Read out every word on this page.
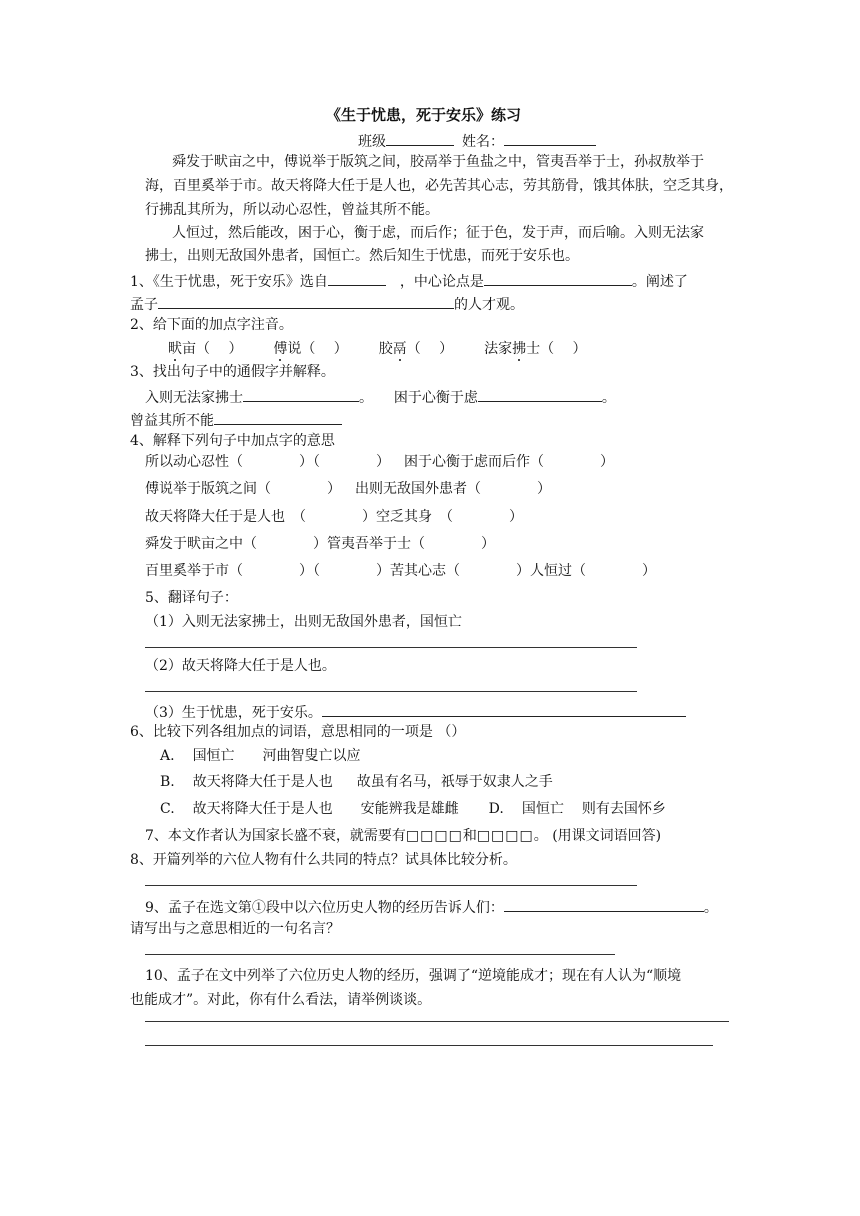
《生于忧患，死于安乐》练习
班级	姓名：
舜发于畎亩之中，傅说举于版筑之间，胶鬲举于鱼盐之中，管夷吾举于士，孙叔敖举于
海，百里奚举于市。故天将降大任于是人也，必先苦其心志，劳其筋骨，饿其体肤，空乏其身，
行拂乱其所为，所以动心忍性，曾益其所不能。
人恒过，然后能改，困于心，衡于虑，而后作；征于色，发于声，而后喻。入则无法家
拂士，出则无敌国外患者，国恒亡。然后知生于忧患，而死于安乐也。
1、《生于忧患，死于安乐》选自	，中心论点是	。阐述了
孟子	的人才观。
2、给下面的加点字注音。
畎亩（　 ） 傅说（　 ） 胶鬲（　 ） 法家拂士（　 ）
3、找出句子中的通假字并解释。
入则无法家拂士	。 困于心衡于虑	。
曾益其所不能
4、解释下列句子中加点字的意思
所以动心忍性（　　　　）（　　　　） 困于心衡于虑而后作（　　　　）
傅说举于版筑之间（　　　　） 出则无敌国外患者（　　　　）
故天将降大任于是人也　（　　　　）空乏其身　（　　　　）
舜发于畎亩之中（　　　　）管夷吾举于士（　　　　）
百里奚举于市（　　　　）（　　　　）苦其心志（　　　　）人恒过（　　　　）
5、翻译句子：
（1）入则无法家拂士，出则无敌国外患者，国恒亡
（2）故天将降大任于是人也。
（3）生于忧患，死于安乐。
6、比较下列各组加点的词语，意思相同的一项是 （）
A. 国恒亡 河曲智叟亡以应
B. 故天将降大任于是人也 故虽有名马，祇辱于奴隶人之手
C. 故天将降大任于是人也 安能辨我是雄雌 D. 国恒亡 则有去国怀乡
7、本文作者认为国家长盛不衰，就需要有□□□□和□□□□。 (用课文词语回答)
8、开篇列举的六位人物有什么共同的特点？试具体比较分析。
9、孟子在选文第①段中以六位历史人物的经历告诉人们：	。
请写出与之意思相近的一句名言？
10、孟子在文中列举了六位历史人物的经历，强调了“逆境能成才；现在有人认为“顺境
也能成才”。对此，你有什么看法，请举例谈谈。
